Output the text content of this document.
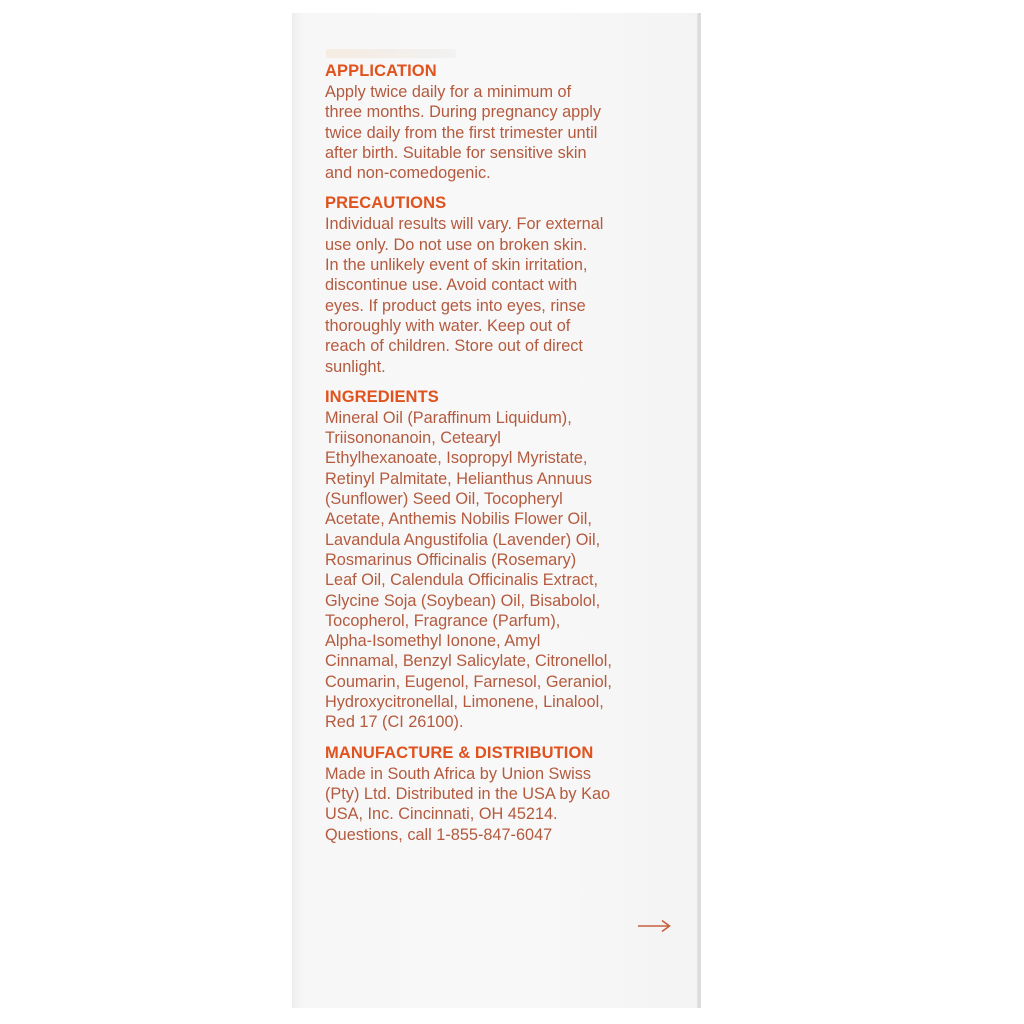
APPLICATION

Apply twice daily for a minimum of
three months. During pregnancy apply
twice daily from the first trimester until
after birth. Suitable for sensitive skin
and non-comedogenic.

PRECAUTIONS

Individual results will vary. For external
use only. Do not use on broken skin.
In the unlikely event of skin irritation,
discontinue use. Avoid contact with
eyes. If product gets into eyes, rinse
thoroughly with water. Keep out of
reach of children. Store out of direct
sunlight.

INGREDIENTS

Mineral Oil (Paraffinum Liquidum),
Triisononanoin, Cetearyl
Ethylhexanoate, Isopropyl Myristate,
Retinyl Palmitate, Helianthus Annuus
(Sunflower) Seed Oil, Tocopheryl
Acetate, Anthemis Nobilis Flower Oil,
Lavandula Angustifolia (Lavender) Oil,
Rosmarinus Officinalis (Rosemary)
Leaf Oil, Calendula Officinalis Extract,
Glycine Soja (Soybean) Oil, Bisabolol,
Tocopherol, Fragrance (Parfum),
Alpha-Isomethyl Ionone, Amyl
Cinnamal, Benzyl Salicylate, Citronellol,
Coumarin, Eugenol, Farnesol, Geraniol,
Hydroxycitronellal, Limonene, Linalool,
Red 17 (CI 26100).

MANUFACTURE & DISTRIBUTION

Made in South Africa by Union Swiss
(Pty) Ltd. Distributed in the USA by Kao
USA, Inc. Cincinnati, OH 45214.
Questions, call 1-855-847-6047
